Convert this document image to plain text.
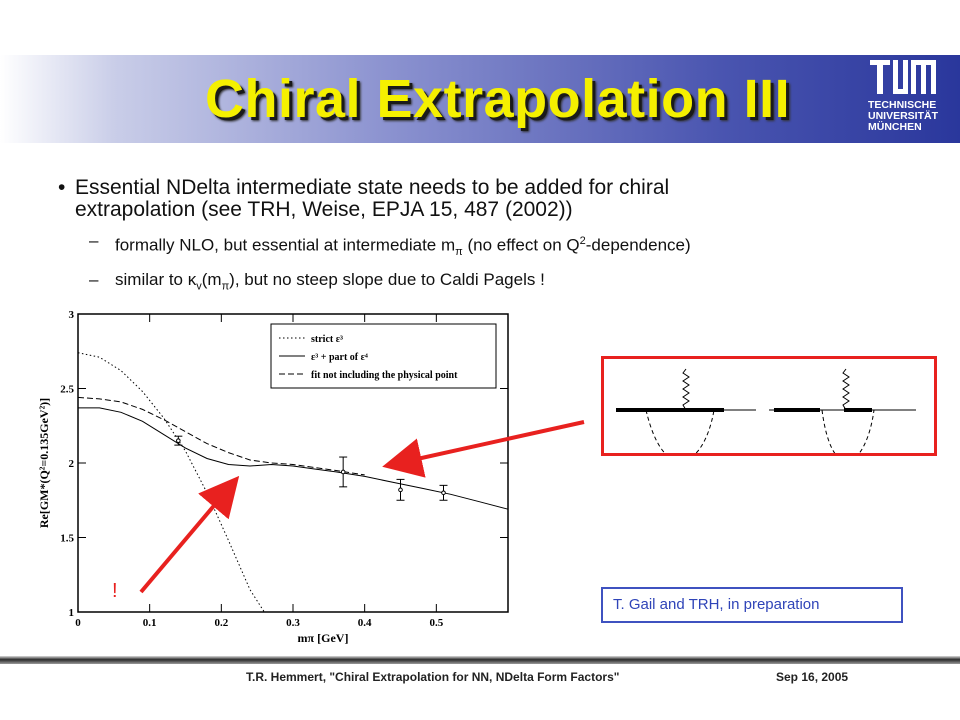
Chiral Extrapolation III	TECHNISCHE
UNIVERSITÄT
MÜNCHEN
• Essential NDelta intermediate state needs to be added for chiral
extrapolation (see TRH, Weise, EPJA 15, 487 (2002))
– formally NLO, but essential at intermediate $m_\pi$ (no effect on $Q^2-dependence$)
– similar to $\kappa_v(m_\pi)$, but no steep slope due to Caldi Pagels !
0	0.1	0.2	0.3	0.4	0.5
1
1.5
2
2.5
3
mπ [GeV]
Re[GM*(Q²=0.135GeV²)]
strict ε³
ε³ + part of ε⁴
fit not including the physical point
T. Gail and TRH, in preparation
!
T.R. Hemmert, "Chiral Extrapolation for NN, NDelta Form Factors"	Sep 16, 2005
